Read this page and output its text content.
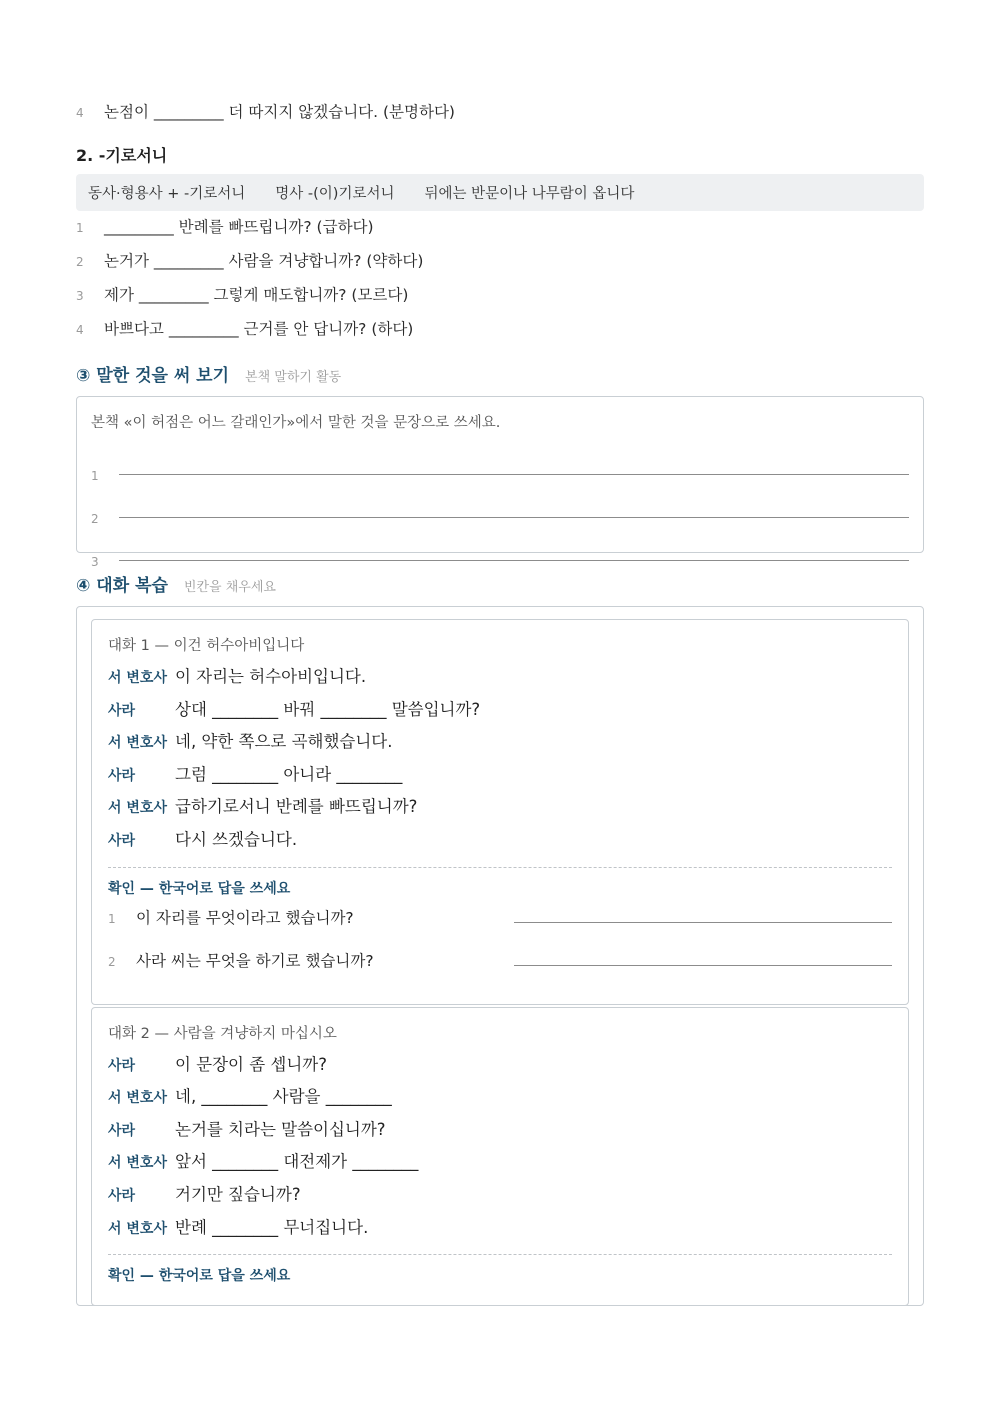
4	논점이 _________ 더 따지지 않겠습니다. (분명하다)
2. -기로서니
동사·형용사 + -기로서니 명사 -(이)기로서니 뒤에는 반문이나 나무람이 옵니다
1	_________ 반례를 빠뜨립니까? (급하다)
2	논거가 _________ 사람을 겨냥합니까? (약하다)
3	제가 _________ 그렇게 매도합니까? (모르다)
4	바쁘다고 _________ 근거를 안 답니까? (하다)
③ 말한 것을 써 보기 본책 말하기 활동
본책 «이 허점은 어느 갈래인가»에서 말한 것을 문장으로 쓰세요.
1
2
3
④ 대화 복습 빈칸을 채우세요
대화 1 — 이건 허수아비입니다
서 변호사 이 자리는 허수아비입니다.
사라	상대 ________ 바꿔 ________ 말씀입니까?
서 변호사 네, 약한 쪽으로 곡해했습니다.
사라	그럼 ________ 아니라 ________
서 변호사 급하기로서니 반례를 빠뜨립니까?
사라	다시 쓰겠습니다.
확인 — 한국어로 답을 쓰세요
1	이 자리를 무엇이라고 했습니까?
2	사라 씨는 무엇을 하기로 했습니까?
대화 2 — 사람을 겨냥하지 마십시오
사라	이 문장이 좀 셉니까?
서 변호사 네, ________ 사람을 ________
사라	논거를 치라는 말씀이십니까?
서 변호사 앞서 ________ 대전제가 ________
사라	거기만 짚습니까?
서 변호사 반례 ________ 무너집니다.
확인 — 한국어로 답을 쓰세요
